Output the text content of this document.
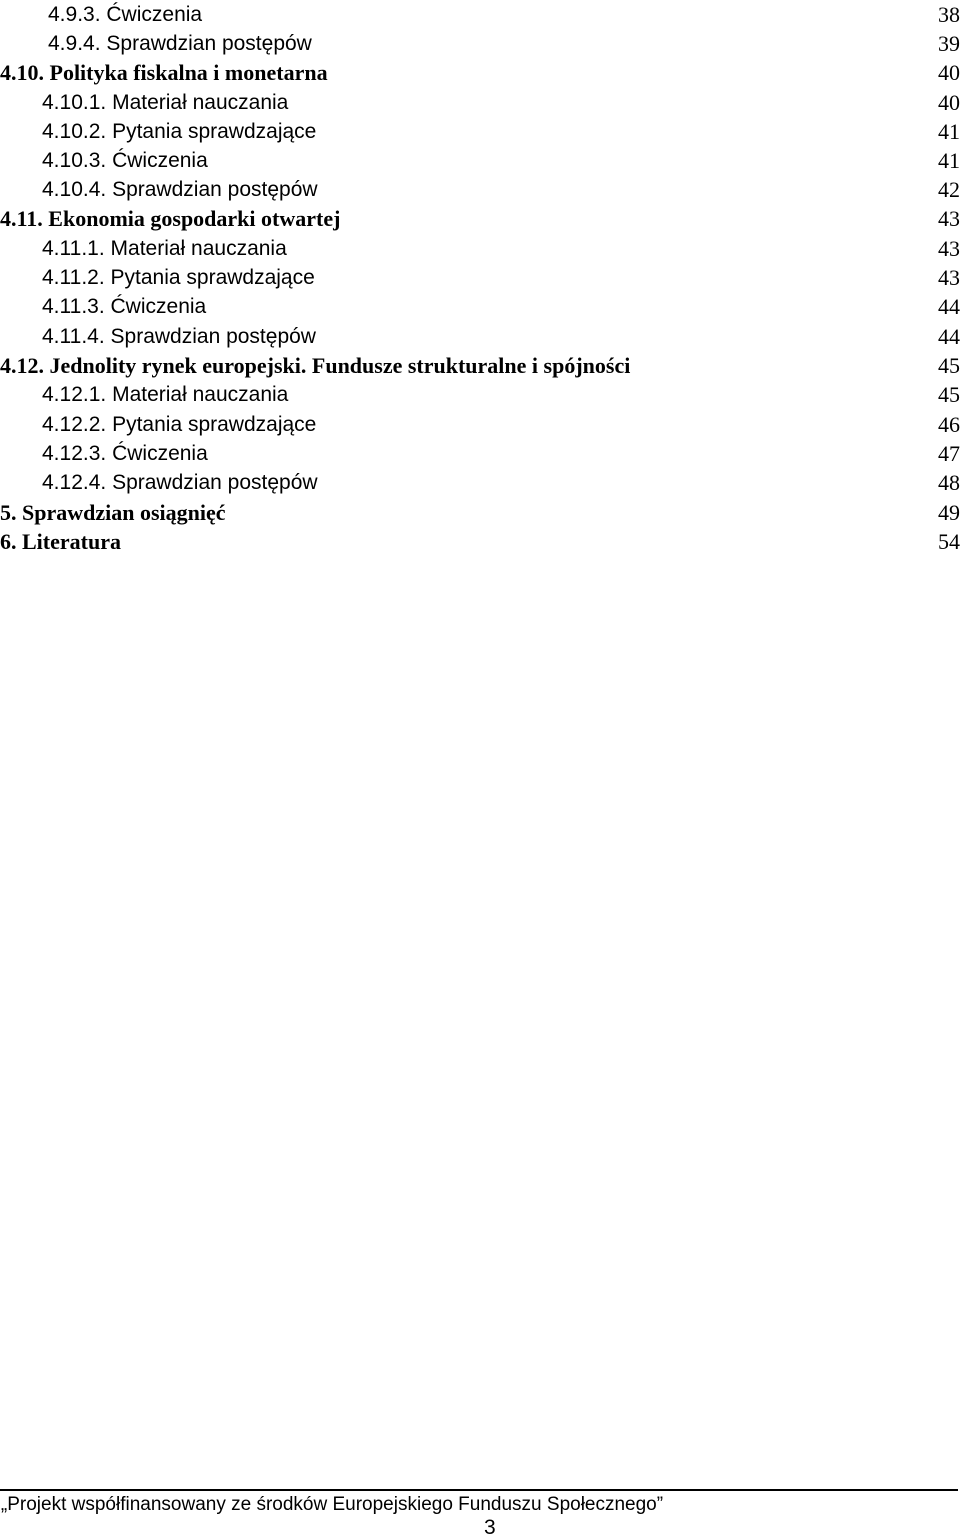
4.9.3. Ćwiczenia	38
4.9.4. Sprawdzian postępów	39
4.10. Polityka fiskalna i monetarna	40
4.10.1. Materiał nauczania	40
4.10.2. Pytania sprawdzające	41
4.10.3. Ćwiczenia	41
4.10.4. Sprawdzian postępów	42
4.11. Ekonomia gospodarki otwartej	43
4.11.1. Materiał nauczania	43
4.11.2. Pytania sprawdzające	43
4.11.3. Ćwiczenia	44
4.11.4. Sprawdzian postępów	44
4.12. Jednolity rynek europejski. Fundusze strukturalne i spójności	45
4.12.1. Materiał nauczania	45
4.12.2. Pytania sprawdzające	46
4.12.3. Ćwiczenia	47
4.12.4. Sprawdzian postępów	48
5. Sprawdzian osiągnięć	49
6. Literatura	54
„Projekt współfinansowany ze środków Europejskiego Funduszu Społecznego”
3
